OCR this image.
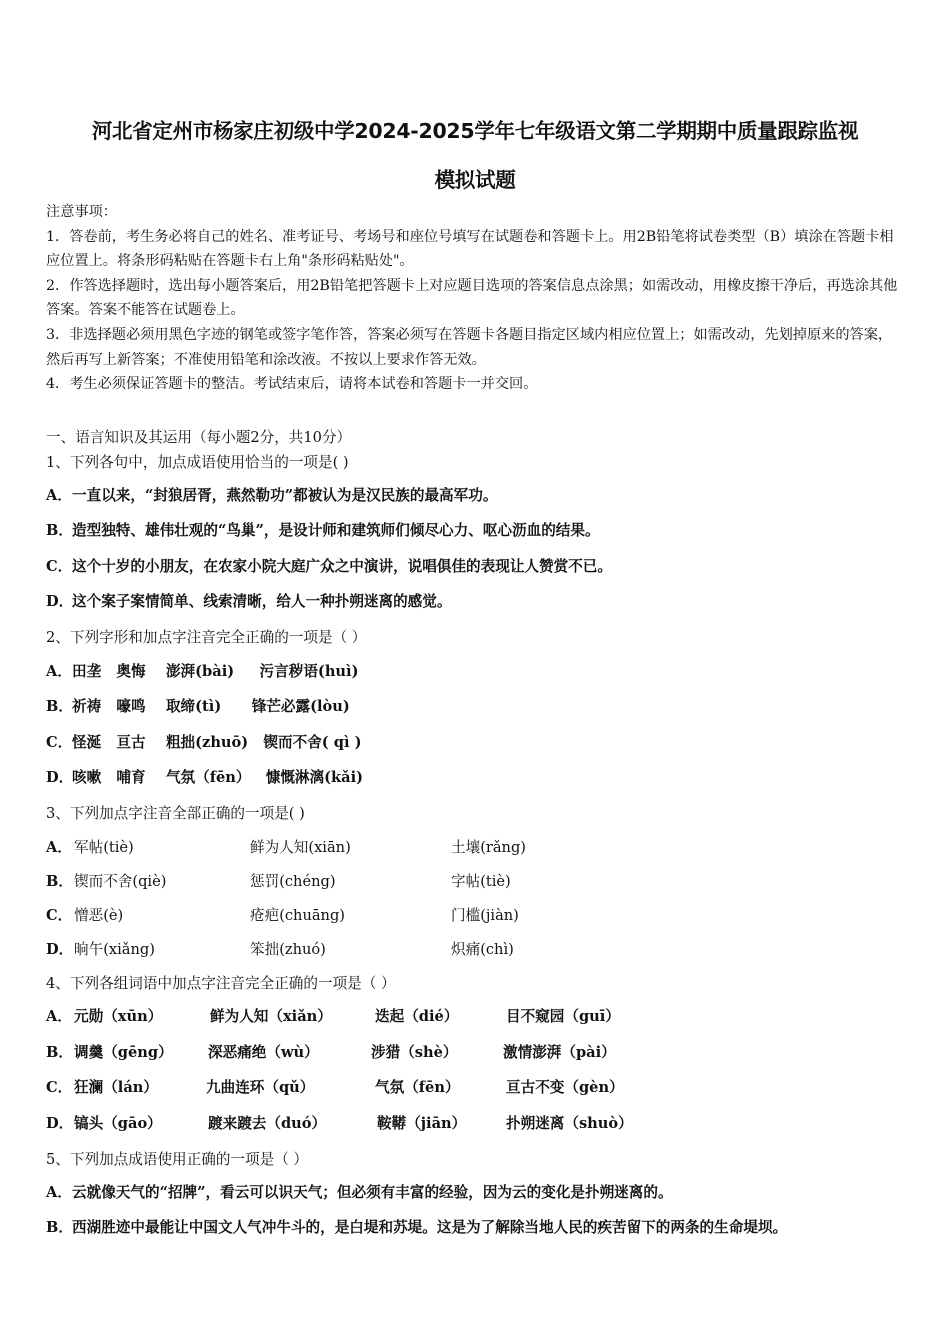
河北省定州市杨家庄初级中学2024-2025学年七年级语文第二学期期中质量跟踪监视
模拟试题

注意事项：

1．答卷前，考生务必将自己的姓名、准考证号、考场号和座位号填写在试题卷和答题卡上。用2B铅笔将试卷类型（B）填涂在答题卡相应位置上。将条形码粘贴在答题卡右上角"条形码粘贴处"。

2．作答选择题时，选出每小题答案后，用2B铅笔把答题卡上对应题目选项的答案信息点涂黑；如需改动，用橡皮擦干净后，再选涂其他答案。答案不能答在试题卷上。

3．非选择题必须用黑色字迹的钢笔或签字笔作答，答案必须写在答题卡各题目指定区域内相应位置上；如需改动，先划掉原来的答案，然后再写上新答案；不准使用铅笔和涂改液。不按以上要求作答无效。

4．考生必须保证答题卡的整洁。考试结束后，请将本试卷和答题卡一并交回。

一、语言知识及其运用（每小题2分，共10分）
1、下列各句中，加点成语使用恰当的一项是( )
A．一直以来，“封狼居胥，燕然勒功”都被认为是汉民族的最高军功。
B．造型独特、雄伟壮观的“鸟巢”，是设计师和建筑师们倾尽心力、呕心沥血的结果。
C．这个十岁的小朋友，在农家小院大庭广众之中演讲，说唱俱佳的表现让人赞赏不已。
D．这个案子案情简单、线索清晰，给人一种扑朔迷离的感觉。
2、下列字形和加点字注音完全正确的一项是（ ）
A．田垄   奥悔    澎湃(bài)     污言秽语(huì)
B．祈祷   嚎鸣    取缔(tì)      锋芒必露(lòu)
C．怪涎   亘古    粗拙(zhuō)   锲而不舍( qì )
D．咳嗽   哺育    气氛（fēn）   慷慨淋漓(kǎi)
3、下列加点字注音全部正确的一项是( )
A． 军帖(tiè)	鲜为人知(xiān)	土壤(rǎng)
B． 锲而不舍(qiè)	惩罚(chéng)	字帖(tiè)
C． 憎恶(è)	疮疤(chuāng)	门槛(jiàn)
D． 晌午(xiǎng)	笨拙(zhuó)	炽痛(chì)
4、下列各组词语中加点字注音完全正确的一项是（ ）
A． 元勋（xūn）	鲜为人知（xiǎn）	迭起（dié）	目不窥园（guī）
B． 调羹（gēng） 深恶痛绝（wù）	涉猎（shè）	激情澎湃（pài）
C． 狂澜（lán）	九曲连环（qǔ）	气氛（fēn）	亘古不变（gèn）
D． 镐头（gāo）	踱来踱去（duó）	鞍鞯（jiān）	扑朔迷离（shuò）
5、下列加点成语使用正确的一项是（ ）
A．云就像天气的“招牌”，看云可以识天气；但必须有丰富的经验，因为云的变化是扑朔迷离的。
B．西湖胜迹中最能让中国文人气冲牛斗的，是白堤和苏堤。这是为了解除当地人民的疾苦留下的两条的生命堤坝。
